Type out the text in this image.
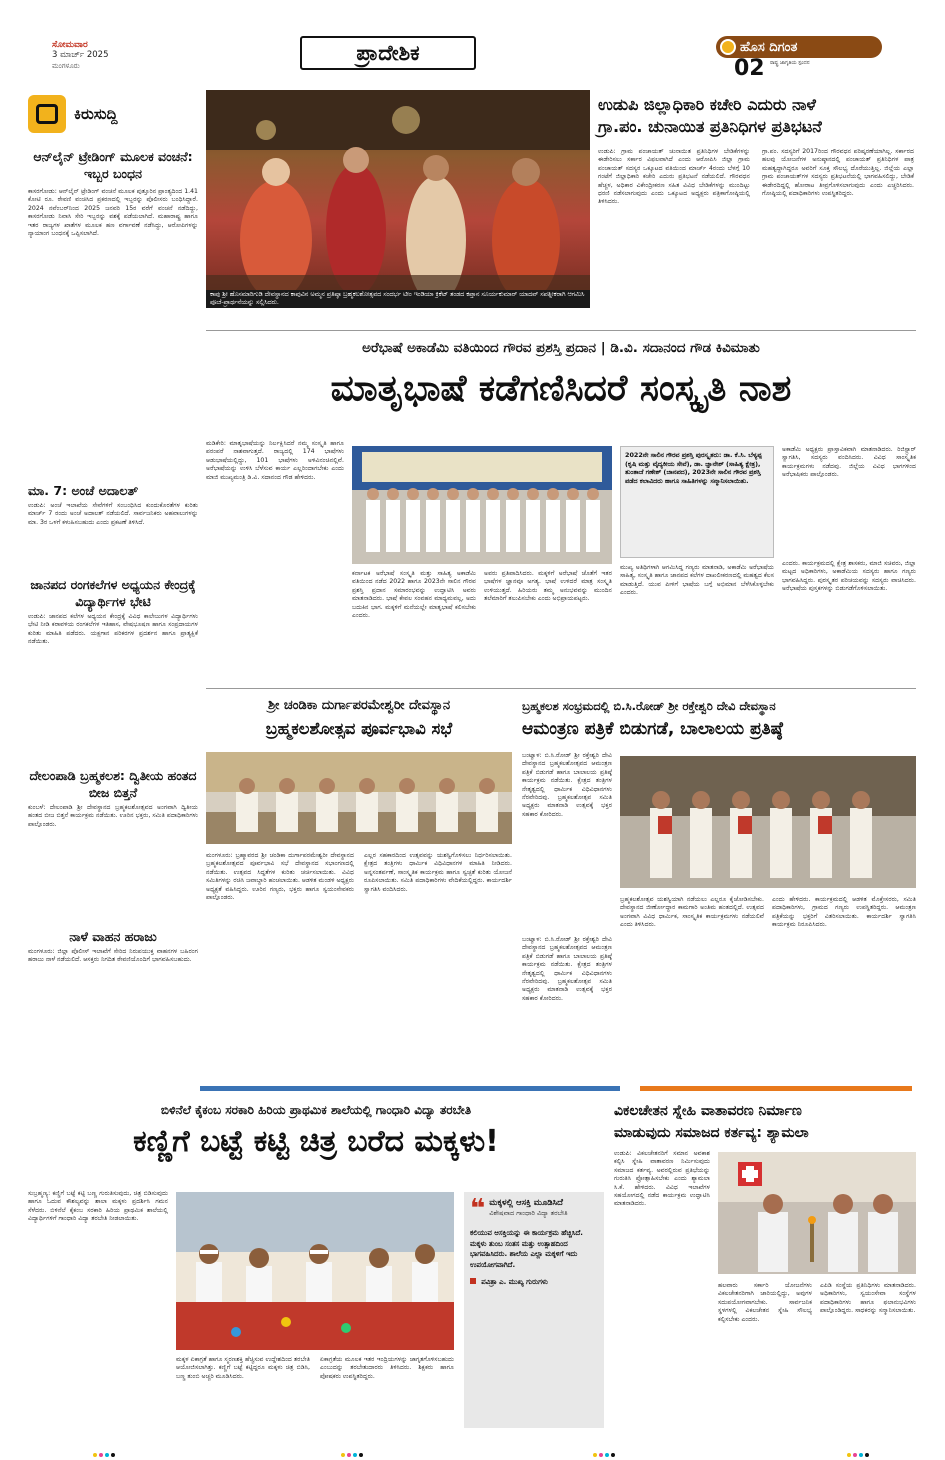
ಸೋಮವಾರ
3 ಮಾರ್ಚ್ 2025
ಮಂಗಳೂರು
ಪ್ರಾದೇಶಿಕ	ಹೊಸ ದಿಗಂತ
ರಾಷ್ಟ್ರ ಜಾಗೃತಿಯ ಸ್ಪಂದನ
02
ಕಿರುಸುದ್ದಿ
ಆನ್‌ಲೈನ್ ಟ್ರೇಡಿಂಗ್ ಮೂಲಕ ವಂಚನೆ: ಇಬ್ಬರ ಬಂಧನ
ಕಾಸರಗೋಡು: ಆನ್‌ಲೈನ್ ಟ್ರೇಡಿಂಗ್ ವಂಚನೆ ಮೂಲಕ ಪುತ್ತೂರಿನ ಪ್ರಾಂತ್ಯದಿಂದ 1.41 ಕೋಟಿ ರೂ. ಠೇವಣಿ ವಂಚಿಸಿದ ಪ್ರಕರಣದಲ್ಲಿ ಇಬ್ಬರನ್ನು ಪೊಲೀಸರು ಬಂಧಿಸಿದ್ದಾರೆ. 2024 ನವೆಂಬರ್‌ನಿಂದ 2025 ಜನವರಿ 15ರ ವರೆಗೆ ವಂಚನೆ ನಡೆದಿದ್ದು, ಕಾಸರಗೋಡು ನಿವಾಸಿ ಸೇರಿ ಇಬ್ಬರನ್ನು ವಶಕ್ಕೆ ಪಡೆಯಲಾಗಿದೆ. ಮಹಾರಾಷ್ಟ್ರ ಹಾಗೂ ಇತರ ರಾಜ್ಯಗಳ ಖಾತೆಗಳ ಮೂಲಕ ಹಣ ವರ್ಗಾವಣೆ ನಡೆಸಿದ್ದು, ಆರೋಪಿಗಳನ್ನು ನ್ಯಾಯಾಂಗ ಬಂಧನಕ್ಕೆ ಒಪ್ಪಿಸಲಾಗಿದೆ.
ಮಾ. 7: ಅಂಚೆ ಅದಾಲತ್
ಉಡುಪಿ: ಅಂಚೆ ಇಲಾಖೆಯ ಸೇವೆಗಳಿಗೆ ಸಂಬಂಧಿಸಿದ ಕುಂದುಕೊರತೆಗಳ ಕುರಿತು ಮಾರ್ಚ್ 7 ರಂದು ಅಂಚೆ ಅದಾಲತ್ ನಡೆಯಲಿದೆ. ಸಾರ್ವಜನಿಕರು ಅಹವಾಲುಗಳನ್ನು ಮಾ. 3ರ ಒಳಗೆ ಕಳುಹಿಸಬಹುದು ಎಂದು ಪ್ರಕಟಣೆ ತಿಳಿಸಿದೆ.
ಜಾನಪದ ರಂಗಕಲೆಗಳ ಅಧ್ಯಯನ ಕೇಂದ್ರಕ್ಕೆ ವಿದ್ಯಾರ್ಥಿಗಳ ಭೇಟಿ
ಉಡುಪಿ: ಜಾನಪದ ಕಲೆಗಳ ಅಧ್ಯಯನ ಕೇಂದ್ರಕ್ಕೆ ವಿವಿಧ ಕಾಲೇಜುಗಳ ವಿದ್ಯಾರ್ಥಿಗಳು ಭೇಟಿ ನೀಡಿ ಕರಾವಳಿಯ ರಂಗಕಲೆಗಳ ಇತಿಹಾಸ, ವೇಷಭೂಷಣ ಹಾಗೂ ಸಂಪ್ರದಾಯಗಳ ಕುರಿತು ಮಾಹಿತಿ ಪಡೆದರು. ಯಕ್ಷಗಾನ ಪರಿಕರಗಳ ಪ್ರದರ್ಶನ ಹಾಗೂ ಪ್ರಾತ್ಯಕ್ಷಿಕೆ ನಡೆಯಿತು.
ದೇಲಂಪಾಡಿ ಬ್ರಹ್ಮಕಲಶ: ದ್ವಿತೀಯ ಹಂತದ ಬೀಜ ಬಿತ್ತನೆ
ಕುಂಬಳೆ: ದೇಲಂಪಾಡಿ ಶ್ರೀ ದೇವಸ್ಥಾನದ ಬ್ರಹ್ಮಕಲಶೋತ್ಸವದ ಅಂಗವಾಗಿ ದ್ವಿತೀಯ ಹಂತದ ಬೀಜ ಬಿತ್ತನೆ ಕಾರ್ಯಕ್ರಮ ನಡೆಯಿತು. ಊರಿನ ಭಕ್ತರು, ಸಮಿತಿ ಪದಾಧಿಕಾರಿಗಳು ಪಾಲ್ಗೊಂಡರು.
ನಾಳೆ ವಾಹನ ಹರಾಜು
ಮಂಗಳೂರು: ಜಿಲ್ಲಾ ಪೊಲೀಸ್ ಇಲಾಖೆಗೆ ಸೇರಿದ ನಿರುಪಯುಕ್ತ ವಾಹನಗಳ ಬಹಿರಂಗ ಹರಾಜು ನಾಳೆ ನಡೆಯಲಿದೆ. ಆಸಕ್ತರು ನಿಗದಿತ ಠೇವಣಿಯೊಂದಿಗೆ ಭಾಗವಹಿಸಬಹುದು.
ಕಾಪು ಶ್ರೀ ಹೊಸಮಾರಿಗುಡಿ ದೇವಸ್ಥಾನದ ಕಾಪುವಿನ ಅಮ್ಮನ ಪ್ರತಿಷ್ಠಾ ಬ್ರಹ್ಮಕಲಶೋತ್ಸವದ ಸಂದರ್ಭ ಟೀಂ ಇಂಡಿಯಾ ಕ್ರಿಕೆಟ್ ತಂಡದ ಕಪ್ತಾನ ಸೂರ್ಯಕುಮಾರ್ ಯಾದವ್ ಸಪತ್ನೀಕರಾಗಿ ಆಗಮಿಸಿ ಪೂಜೆ-ಪ್ರಾರ್ಥನೆಯನ್ನು ಸಲ್ಲಿಸಿದರು.
ಉಡುಪಿ ಜಿಲ್ಲಾಧಿಕಾರಿ ಕಚೇರಿ ಎದುರು ನಾಳೆ
ಗ್ರಾ.ಪಂ. ಚುನಾಯಿತ ಪ್ರತಿನಿಧಿಗಳ ಪ್ರತಿಭಟನೆ
ಉಡುಪಿ: ಗ್ರಾಮ ಪಂಚಾಯತ್ ಚುನಾಯಿತ ಪ್ರತಿನಿಧಿಗಳ ಬೇಡಿಕೆಗಳನ್ನು ಈಡೇರಿಸಲು ಸರ್ಕಾರ ವಿಫಲವಾಗಿದೆ ಎಂದು ಆರೋಪಿಸಿ ಜಿಲ್ಲಾ ಗ್ರಾಮ ಪಂಚಾಯತ್ ಸದಸ್ಯರ ಒಕ್ಕೂಟದ ವತಿಯಿಂದ ಮಾರ್ಚ್ 4ರಂದು ಬೆಳಗ್ಗೆ 10 ಗಂಟೆಗೆ ಜಿಲ್ಲಾಧಿಕಾರಿ ಕಚೇರಿ ಎದುರು ಪ್ರತಿಭಟನೆ ನಡೆಯಲಿದೆ. ಗೌರವಧನ ಹೆಚ್ಚಳ, ಅಧಿಕಾರ ವಿಕೇಂದ್ರೀಕರಣ ಸಹಿತ ವಿವಿಧ ಬೇಡಿಕೆಗಳನ್ನು ಮುಂದಿಟ್ಟು ಧರಣಿ ನಡೆಸಲಾಗುವುದು ಎಂದು ಒಕ್ಕೂಟದ ಅಧ್ಯಕ್ಷರು ಪತ್ರಿಕಾಗೋಷ್ಠಿಯಲ್ಲಿ ತಿಳಿಸಿದರು.
ಗ್ರಾ.ಪಂ. ಸದಸ್ಯರಿಗೆ 2017ರಿಂದ ಗೌರವಧನ ಪರಿಷ್ಕರಣೆಯಾಗಿಲ್ಲ. ಸರ್ಕಾರದ ಹಲವು ಯೋಜನೆಗಳ ಅನುಷ್ಠಾನದಲ್ಲಿ ಪಂಚಾಯತ್ ಪ್ರತಿನಿಧಿಗಳ ಪಾತ್ರ ಮಹತ್ವದ್ದಾಗಿದ್ದರೂ ಅವರಿಗೆ ಸೂಕ್ತ ಸೌಲಭ್ಯ ದೊರೆಯುತ್ತಿಲ್ಲ. ಜಿಲ್ಲೆಯ ಎಲ್ಲಾ ಗ್ರಾಮ ಪಂಚಾಯತ್‌ಗಳ ಸದಸ್ಯರು ಪ್ರತಿಭಟನೆಯಲ್ಲಿ ಭಾಗವಹಿಸಲಿದ್ದು, ಬೇಡಿಕೆ ಈಡೇರದಿದ್ದಲ್ಲಿ ಹೋರಾಟ ತೀವ್ರಗೊಳಿಸಲಾಗುವುದು ಎಂದು ಎಚ್ಚರಿಸಿದರು. ಗೋಷ್ಠಿಯಲ್ಲಿ ಪದಾಧಿಕಾರಿಗಳು ಉಪಸ್ಥಿತರಿದ್ದರು.
ಅರೆಭಾಷೆ ಅಕಾಡೆಮಿ ವತಿಯಿಂದ ಗೌರವ ಪ್ರಶಸ್ತಿ ಪ್ರದಾನ | ಡಿ.ವಿ. ಸದಾನಂದ ಗೌಡ ಕಿವಿಮಾತು
ಮಾತೃಭಾಷೆ ಕಡೆಗಣಿಸಿದರೆ ಸಂಸ್ಕೃತಿ ನಾಶ
ಮಡಿಕೇರಿ: ಮಾತೃಭಾಷೆಯನ್ನು ನಿರ್ಲಕ್ಷಿಸಿದರೆ ನಮ್ಮ ಸಂಸ್ಕೃತಿ ಹಾಗೂ ಪರಂಪರೆ ನಾಶವಾಗುತ್ತದೆ. ರಾಜ್ಯದಲ್ಲಿ 174 ಭಾಷೆಗಳು ಆಡುಭಾಷೆಯಲ್ಲಿದ್ದು, 101 ಭಾಷೆಗಳು ಅಳಿವಿನಂಚಿನಲ್ಲಿವೆ. ಅರೆಭಾಷೆಯನ್ನು ಉಳಿಸಿ ಬೆಳೆಸುವ ಕಾರ್ಯ ಎಲ್ಲರಿಂದಾಗಬೇಕು ಎಂದು ಮಾಜಿ ಮುಖ್ಯಮಂತ್ರಿ ಡಿ.ವಿ. ಸದಾನಂದ ಗೌಡ ಹೇಳಿದರು.
ಕರ್ನಾಟಕ ಅರೆಭಾಷೆ ಸಂಸ್ಕೃತಿ ಮತ್ತು ಸಾಹಿತ್ಯ ಅಕಾಡೆಮಿ ವತಿಯಿಂದ ನಡೆದ 2022 ಹಾಗೂ 2023ನೇ ಸಾಲಿನ ಗೌರವ ಪ್ರಶಸ್ತಿ ಪ್ರದಾನ ಸಮಾರಂಭವನ್ನು ಉದ್ಘಾಟಿಸಿ ಅವರು ಮಾತನಾಡಿದರು. ಭಾಷೆ ಕೇವಲ ಸಂವಹನ ಮಾಧ್ಯಮವಲ್ಲ, ಅದು ಬದುಕಿನ ಭಾಗ. ಮಕ್ಕಳಿಗೆ ಮನೆಯಲ್ಲೇ ಮಾತೃಭಾಷೆ ಕಲಿಸಬೇಕು ಎಂದರು.
ಅವರು ಪ್ರತಿಪಾದಿಸಿದರು. ಮಕ್ಕಳಿಗೆ ಅರೆಭಾಷೆ ಜೊತೆಗೆ ಇತರ ಭಾಷೆಗಳ ಜ್ಞಾನವೂ ಅಗತ್ಯ. ಭಾಷೆ ಉಳಿದರೆ ಮಾತ್ರ ಸಂಸ್ಕೃತಿ ಉಳಿಯುತ್ತದೆ. ಹಿರಿಯರು ತಮ್ಮ ಅನುಭವವನ್ನು ಮುಂದಿನ ತಲೆಮಾರಿಗೆ ತಲುಪಿಸಬೇಕು ಎಂದು ಅಭಿಪ್ರಾಯಪಟ್ಟರು.
2022ನೇ ಸಾಲಿನ ಗೌರವ ಪ್ರಶಸ್ತಿ ಪುರಸ್ಕೃತರು: ಡಾ. ಕೆ.ಸಿ. ಬೆಳ್ಯಪ್ಪ (ಕೃಷಿ ಮತ್ತು ವೈದ್ಯಕೀಯ ಸೇವೆ), ಡಾ. ಜ್ಞಾನೇಶ್ (ಸಾಹಿತ್ಯ ಕ್ಷೇತ್ರ), ತುಂತಾಜೆ ಗಣೇಶ್ (ಜಾನಪದ), 2023ನೇ ಸಾಲಿನ ಗೌರವ ಪ್ರಶಸ್ತಿ ಪಡೆದ ಕಲಾವಿದರು ಹಾಗೂ ಸಾಹಿತಿಗಳನ್ನು ಸನ್ಮಾನಿಸಲಾಯಿತು.
ಮುಖ್ಯ ಅತಿಥಿಗಳಾಗಿ ಆಗಮಿಸಿದ್ದ ಗಣ್ಯರು ಮಾತನಾಡಿ, ಅಕಾಡೆಮಿ ಅರೆಭಾಷೆಯ ಸಾಹಿತ್ಯ, ಸಂಸ್ಕೃತಿ ಹಾಗೂ ಜಾನಪದ ಕಲೆಗಳ ದಾಖಲೀಕರಣದಲ್ಲಿ ಮಹತ್ವದ ಕೆಲಸ ಮಾಡುತ್ತಿದೆ. ಯುವ ಪೀಳಿಗೆ ಭಾಷೆಯ ಬಗ್ಗೆ ಅಭಿಮಾನ ಬೆಳೆಸಿಕೊಳ್ಳಬೇಕು ಎಂದರು.
ಅಕಾಡೆಮಿ ಅಧ್ಯಕ್ಷರು ಪ್ರಾಸ್ತಾವಿಕವಾಗಿ ಮಾತನಾಡಿದರು. ರಿಜಿಸ್ಟ್ರಾರ್ ಸ್ವಾಗತಿಸಿ, ಸದಸ್ಯರು ವಂದಿಸಿದರು. ವಿವಿಧ ಸಾಂಸ್ಕೃತಿಕ ಕಾರ್ಯಕ್ರಮಗಳು ನಡೆದವು. ಜಿಲ್ಲೆಯ ವಿವಿಧ ಭಾಗಗಳಿಂದ ಅರೆಭಾಷಿಕರು ಪಾಲ್ಗೊಂಡರು.
ಎಂದರು. ಕಾರ್ಯಕ್ರಮದಲ್ಲಿ ಕ್ಷೇತ್ರ ಶಾಸಕರು, ಮಾಜಿ ಸಚಿವರು, ಜಿಲ್ಲಾ ಮಟ್ಟದ ಅಧಿಕಾರಿಗಳು, ಅಕಾಡೆಮಿಯ ಸದಸ್ಯರು ಹಾಗೂ ಗಣ್ಯರು ಭಾಗವಹಿಸಿದ್ದರು. ಪುರಸ್ಕೃತರ ಪರಿಚಯವನ್ನು ಸದಸ್ಯರು ವಾಚಿಸಿದರು. ಅರೆಭಾಷೆಯ ಪುಸ್ತಕಗಳನ್ನು ಬಿಡುಗಡೆಗೊಳಿಸಲಾಯಿತು.
ಶ್ರೀ ಚಂಡಿಕಾ ದುರ್ಗಾಪರಮೇಶ್ವರೀ ದೇವಸ್ಥಾನ
ಬ್ರಹ್ಮಕಲಶೋತ್ಸವ ಪೂರ್ವಭಾವಿ ಸಭೆ
ಮಂಗಳೂರು: ಬ್ರಹ್ಮಾವರದ ಶ್ರೀ ಚಂಡಿಕಾ ದುರ್ಗಾಪರಮೇಶ್ವರೀ ದೇವಸ್ಥಾನದ ಬ್ರಹ್ಮಕಲಶೋತ್ಸವದ ಪೂರ್ವಭಾವಿ ಸಭೆ ದೇವಸ್ಥಾನದ ಸಭಾಂಗಣದಲ್ಲಿ ನಡೆಯಿತು. ಉತ್ಸವದ ಸಿದ್ಧತೆಗಳ ಕುರಿತು ಚರ್ಚಿಸಲಾಯಿತು. ವಿವಿಧ ಸಮಿತಿಗಳನ್ನು ರಚಿಸಿ ಜವಾಬ್ದಾರಿ ಹಂಚಲಾಯಿತು. ಆಡಳಿತ ಮಂಡಳಿ ಅಧ್ಯಕ್ಷರು ಅಧ್ಯಕ್ಷತೆ ವಹಿಸಿದ್ದರು. ಊರಿನ ಗಣ್ಯರು, ಭಕ್ತರು ಹಾಗೂ ಸ್ವಯಂಸೇವಕರು ಪಾಲ್ಗೊಂಡರು.
ಎಲ್ಲರ ಸಹಕಾರದಿಂದ ಉತ್ಸವವನ್ನು ಯಶಸ್ವಿಗೊಳಿಸಲು ನಿರ್ಧರಿಸಲಾಯಿತು. ಕ್ಷೇತ್ರದ ತಂತ್ರಿಗಳು ಧಾರ್ಮಿಕ ವಿಧಿವಿಧಾನಗಳ ಮಾಹಿತಿ ನೀಡಿದರು. ಅನ್ನಸಂತರ್ಪಣೆ, ಸಾಂಸ್ಕೃತಿಕ ಕಾರ್ಯಕ್ರಮ ಹಾಗೂ ಸ್ವಚ್ಛತೆ ಕುರಿತು ಯೋಜನೆ ರೂಪಿಸಲಾಯಿತು. ಸಮಿತಿ ಪದಾಧಿಕಾರಿಗಳು ವೇದಿಕೆಯಲ್ಲಿದ್ದರು. ಕಾರ್ಯದರ್ಶಿ ಸ್ವಾಗತಿಸಿ ವಂದಿಸಿದರು.
ಬ್ರಹ್ಮಕಲಶ ಸಂಭ್ರಮದಲ್ಲಿ ಬಿ.ಸಿ.ರೋಡ್ ಶ್ರೀ ರಕ್ತೇಶ್ವರಿ ದೇವಿ ದೇವಸ್ಥಾನ
ಆಮಂತ್ರಣ ಪತ್ರಿಕೆ ಬಿಡುಗಡೆ, ಬಾಲಾಲಯ ಪ್ರತಿಷ್ಠೆ
ಬಂಟ್ವಾಳ: ಬಿ.ಸಿ.ರೋಡ್ ಶ್ರೀ ರಕ್ತೇಶ್ವರಿ ದೇವಿ ದೇವಸ್ಥಾನದ ಬ್ರಹ್ಮಕಲಶೋತ್ಸವದ ಆಮಂತ್ರಣ ಪತ್ರಿಕೆ ಬಿಡುಗಡೆ ಹಾಗೂ ಬಾಲಾಲಯ ಪ್ರತಿಷ್ಠೆ ಕಾರ್ಯಕ್ರಮ ನಡೆಯಿತು. ಕ್ಷೇತ್ರದ ತಂತ್ರಿಗಳ ನೇತೃತ್ವದಲ್ಲಿ ಧಾರ್ಮಿಕ ವಿಧಿವಿಧಾನಗಳು ನೆರವೇರಿದವು. ಬ್ರಹ್ಮಕಲಶೋತ್ಸವ ಸಮಿತಿ ಅಧ್ಯಕ್ಷರು ಮಾತನಾಡಿ ಉತ್ಸವಕ್ಕೆ ಭಕ್ತರ ಸಹಕಾರ ಕೋರಿದರು.
ಬ್ರಹ್ಮಕಲಶೋತ್ಸವ ಯಶಸ್ವಿಯಾಗಿ ನಡೆಯಲು ಎಲ್ಲರೂ ಕೈಜೋಡಿಸಬೇಕು. ದೇವಸ್ಥಾನದ ಜೀರ್ಣೋದ್ಧಾರ ಕಾಮಗಾರಿ ಅಂತಿಮ ಹಂತದಲ್ಲಿದೆ. ಉತ್ಸವದ ಅಂಗವಾಗಿ ವಿವಿಧ ಧಾರ್ಮಿಕ, ಸಾಂಸ್ಕೃತಿಕ ಕಾರ್ಯಕ್ರಮಗಳು ನಡೆಯಲಿವೆ ಎಂದು ತಿಳಿಸಿದರು.
ಎಂದು ಹೇಳಿದರು. ಕಾರ್ಯಕ್ರಮದಲ್ಲಿ ಆಡಳಿತ ಮೊಕ್ತೇಸರರು, ಸಮಿತಿ ಪದಾಧಿಕಾರಿಗಳು, ಗ್ರಾಮದ ಗಣ್ಯರು ಉಪಸ್ಥಿತರಿದ್ದರು. ಆಮಂತ್ರಣ ಪತ್ರಿಕೆಯನ್ನು ಭಕ್ತರಿಗೆ ವಿತರಿಸಲಾಯಿತು. ಕಾರ್ಯದರ್ಶಿ ಸ್ವಾಗತಿಸಿ ಕಾರ್ಯಕ್ರಮ ನಿರೂಪಿಸಿದರು.
ಬಂಟ್ವಾಳ: ಬಿ.ಸಿ.ರೋಡ್ ಶ್ರೀ ರಕ್ತೇಶ್ವರಿ ದೇವಿ ದೇವಸ್ಥಾನದ ಬ್ರಹ್ಮಕಲಶೋತ್ಸವದ ಆಮಂತ್ರಣ ಪತ್ರಿಕೆ ಬಿಡುಗಡೆ ಹಾಗೂ ಬಾಲಾಲಯ ಪ್ರತಿಷ್ಠೆ ಕಾರ್ಯಕ್ರಮ ನಡೆಯಿತು. ಕ್ಷೇತ್ರದ ತಂತ್ರಿಗಳ ನೇತೃತ್ವದಲ್ಲಿ ಧಾರ್ಮಿಕ ವಿಧಿವಿಧಾನಗಳು ನೆರವೇರಿದವು. ಬ್ರಹ್ಮಕಲಶೋತ್ಸವ ಸಮಿತಿ ಅಧ್ಯಕ್ಷರು ಮಾತನಾಡಿ ಉತ್ಸವಕ್ಕೆ ಭಕ್ತರ ಸಹಕಾರ ಕೋರಿದರು.
ಬಿಳಿನೆಲೆ ಕೈಕಂಬ ಸರಕಾರಿ ಹಿರಿಯ ಪ್ರಾಥಮಿಕ ಶಾಲೆಯಲ್ಲಿ ಗಾಂಧಾರಿ ವಿದ್ಯಾ ತರಬೇತಿ
ಕಣ್ಣಿಗೆ ಬಟ್ಟೆ ಕಟ್ಟಿ ಚಿತ್ರ ಬರೆದ ಮಕ್ಕಳು!
ಸುಬ್ರಹ್ಮಣ್ಯ: ಕಣ್ಣಿಗೆ ಬಟ್ಟೆ ಕಟ್ಟಿ ಬಣ್ಣ ಗುರುತಿಸುವುದು, ಚಿತ್ರ ಬಿಡಿಸುವುದು ಹಾಗೂ ಓದುವ ಕೌಶಲ್ಯವನ್ನು ಶಾಲಾ ಮಕ್ಕಳು ಪ್ರದರ್ಶಿಸಿ ಗಮನ ಸೆಳೆದರು. ಬಿಳಿನೆಲೆ ಕೈಕಂಬ ಸರಕಾರಿ ಹಿರಿಯ ಪ್ರಾಥಮಿಕ ಶಾಲೆಯಲ್ಲಿ ವಿದ್ಯಾರ್ಥಿಗಳಿಗೆ ಗಾಂಧಾರಿ ವಿದ್ಯಾ ತರಬೇತಿ ನೀಡಲಾಯಿತು.
ಮಕ್ಕಳ ಏಕಾಗ್ರತೆ ಹಾಗೂ ಸ್ಮರಣಶಕ್ತಿ ಹೆಚ್ಚಿಸುವ ಉದ್ದೇಶದಿಂದ ತರಬೇತಿ ಆಯೋಜಿಸಲಾಗಿತ್ತು. ಕಣ್ಣಿಗೆ ಬಟ್ಟೆ ಕಟ್ಟಿದ್ದರೂ ಮಕ್ಕಳು ಚಿತ್ರ ಬಿಡಿಸಿ, ಬಣ್ಣ ತುಂಬಿ ಅಚ್ಚರಿ ಮೂಡಿಸಿದರು.
ಏಕಾಗ್ರತೆಯ ಮೂಲಕ ಇತರ ಇಂದ್ರಿಯಗಳನ್ನು ಜಾಗೃತಗೊಳಿಸಬಹುದು ಎಂಬುದನ್ನು ತರಬೇತುದಾರರು ತಿಳಿಸಿದರು. ಶಿಕ್ಷಕರು ಹಾಗೂ ಪೋಷಕರು ಉಪಸ್ಥಿತರಿದ್ದರು.
❝ ಮಕ್ಕಳಲ್ಲಿ ಆಸಕ್ತಿ ಮೂಡಿಸಿದೆ
ವಿಶೇಷವಾದ ಗಾಂಧಾರಿ ವಿದ್ಯಾ ತರಬೇತಿ
ಕಲಿಯುವ ಆಸಕ್ತಿಯನ್ನು ಈ ಕಾರ್ಯಕ್ರಮ ಹೆಚ್ಚಿಸಿದೆ. ಮಕ್ಕಳು ತುಂಬ ಸಂತಸ ಮತ್ತು ಉತ್ಸಾಹದಿಂದ ಭಾಗವಹಿಸಿದರು. ಶಾಲೆಯ ಎಲ್ಲಾ ಮಕ್ಕಳಿಗೆ ಇದು ಉಪಯೋಗವಾಗಿದೆ.
ಪವಿತ್ರಾ ಎ. ಮುಖ್ಯ ಗುರುಗಳು
ವಿಕಲಚೇತನ ಸ್ನೇಹಿ ವಾತಾವರಣ ನಿರ್ಮಾಣ
ಮಾಡುವುದು ಸಮಾಜದ ಕರ್ತವ್ಯ: ಶ್ಯಾಮಲಾ
ಉಡುಪಿ: ವಿಕಲಚೇತನರಿಗೆ ಸಮಾನ ಅವಕಾಶ ಕಲ್ಪಿಸಿ ಸ್ನೇಹಿ ವಾತಾವರಣ ನಿರ್ಮಿಸುವುದು ಸಮಾಜದ ಕರ್ತವ್ಯ. ಅವರಲ್ಲಿರುವ ಪ್ರತಿಭೆಯನ್ನು ಗುರುತಿಸಿ ಪ್ರೋತ್ಸಾಹಿಸಬೇಕು ಎಂದು ಶ್ಯಾಮಲಾ ಸಿ.ಕೆ. ಹೇಳಿದರು. ವಿವಿಧ ಇಲಾಖೆಗಳ ಸಹಯೋಗದಲ್ಲಿ ನಡೆದ ಕಾರ್ಯಕ್ರಮ ಉದ್ಘಾಟಿಸಿ ಮಾತನಾಡಿದರು.
ಹಲವಾರು ಸರ್ಕಾರಿ ಯೋಜನೆಗಳು ವಿಕಲಚೇತನರಿಗಾಗಿ ಜಾರಿಯಲ್ಲಿದ್ದು, ಅವುಗಳ ಸದುಪಯೋಗವಾಗಬೇಕು. ಸಾರ್ವಜನಿಕ ಸ್ಥಳಗಳಲ್ಲಿ ವಿಕಲಚೇತನ ಸ್ನೇಹಿ ಸೌಲಭ್ಯ ಕಲ್ಪಿಸಬೇಕು ಎಂದರು.
ಎಪಿಡಿ ಸಂಸ್ಥೆಯ ಪ್ರತಿನಿಧಿಗಳು ಮಾತನಾಡಿದರು. ಅಧಿಕಾರಿಗಳು, ಸ್ವಯಂಸೇವಾ ಸಂಸ್ಥೆಗಳ ಪದಾಧಿಕಾರಿಗಳು ಹಾಗೂ ಫಲಾನುಭವಿಗಳು ಪಾಲ್ಗೊಂಡಿದ್ದರು. ಸಾಧಕರನ್ನು ಸನ್ಮಾನಿಸಲಾಯಿತು.
